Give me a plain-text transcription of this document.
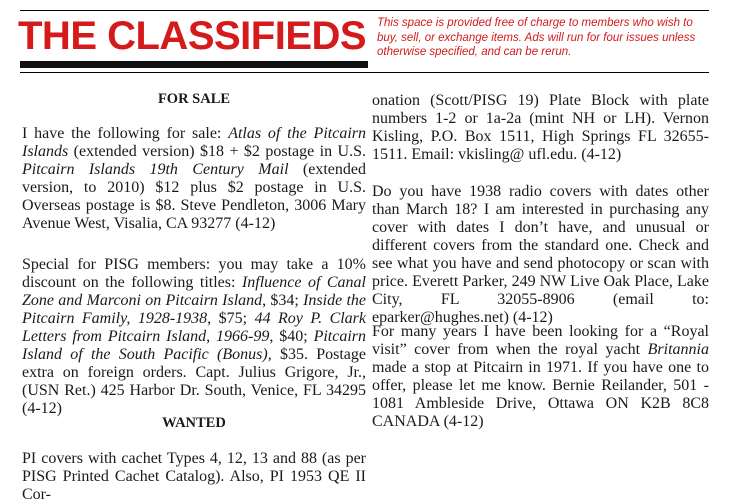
THE CLASSIFIEDS This space is provided free of charge to members who wish to buy, sell, or exchange items. Ads will run for four issues unless otherwise specified, and can be rerun.
FOR SALE

I have the following for sale: Atlas of the Pitcairn Islands (extended version) $18 + $2 postage in U.S. Pitcairn Islands 19th Century Mail (extended version, to 2010) $12 plus $2 postage in U.S. Overseas postage is $8. Steve Pendleton, 3006 Mary Avenue West, Visalia, CA 93277 (4-12)

Special for PISG members: you may take a 10% discount on the following titles: Influence of Canal Zone and Marconi on Pitcairn Island, $34; Inside the Pitcairn Family, 1928-1938, $75; 44 Roy P. Clark Letters from Pitcairn Island, 1966-99, $40; Pitcairn Island of the South Pacific (Bonus), $35. Postage extra on foreign orders. Capt. Julius Grigore, Jr., (USN Ret.) 425 Harbor Dr. South, Venice, FL 34295 (4-12)

WANTED

PI covers with cachet Types 4, 12, 13 and 88 (as per PISG Printed Cachet Catalog). Also, PI 1953 QE II Cor-

onation (Scott/PISG 19) Plate Block with plate numbers 1-2 or 1a-2a (mint NH or LH). Vernon Kisling, P.O. Box 1511, High Springs FL 32655-1511. Email: vkisling@ ufl.edu. (4-12)

Do you have 1938 radio covers with dates other than March 18? I am interested in purchasing any cover with dates I don’t have, and unusual or different covers from the standard one. Check and see what you have and send photocopy or scan with price. Everett Parker, 249 NW Live Oak Place, Lake City, FL 32055-8906 (email to: eparker@hughes.net) (4-12)

For many years I have been looking for a “Royal visit” cover from when the royal yacht Britannia made a stop at Pitcairn in 1971. If you have one to offer, please let me know. Bernie Reilander, 501 - 1081 Ambleside Drive, Ottawa ON K2B 8C8 CANADA (4-12)
